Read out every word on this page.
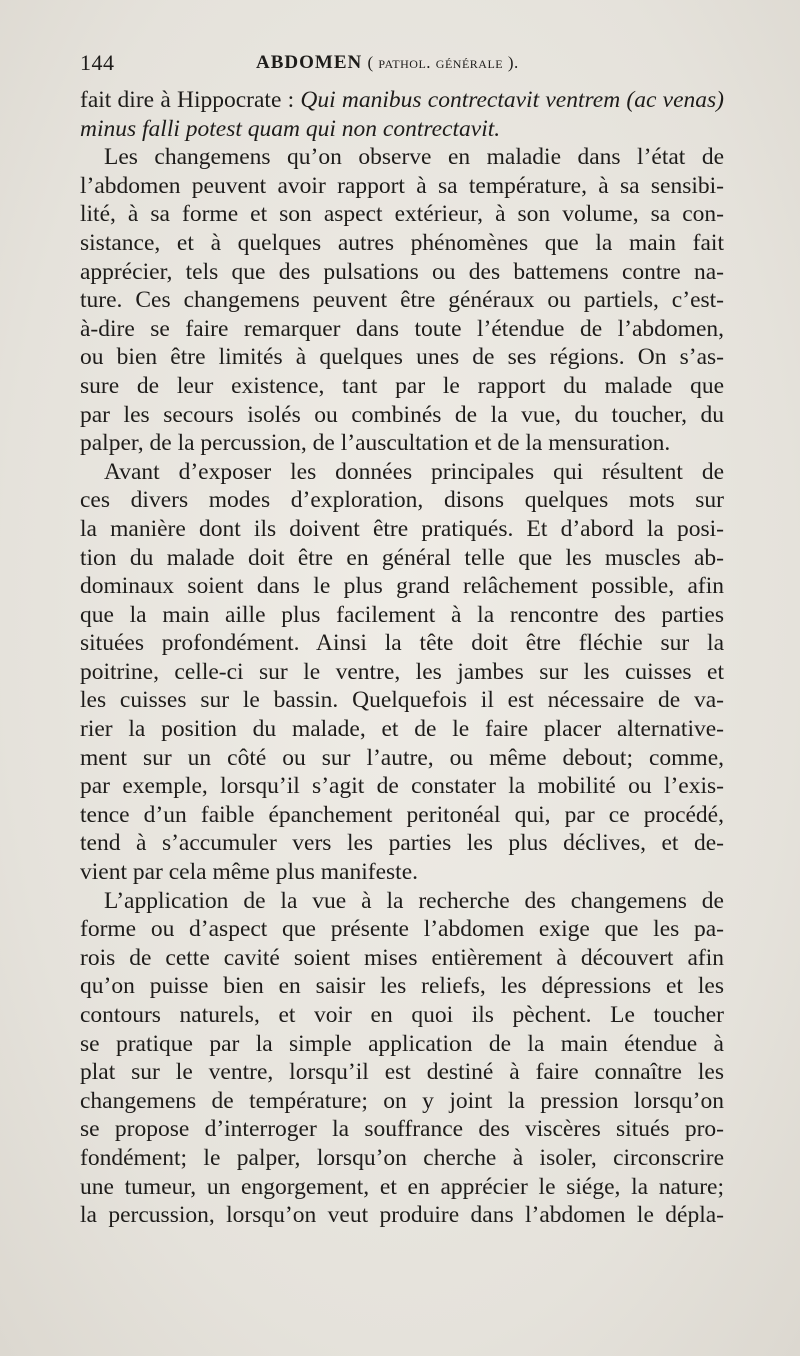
144	ABDOMEN ( pathol. générale ).
fait dire à Hippocrate : Qui manibus contrectavit ventrem (ac venas)
minus falli potest quam qui non contrectavit.
Les changemens qu’on observe en maladie dans l’état de
l’abdomen peuvent avoir rapport à sa température, à sa sensibi-
lité, à sa forme et son aspect extérieur, à son volume, sa con-
sistance, et à quelques autres phénomènes que la main fait
apprécier, tels que des pulsations ou des battemens contre na-
ture. Ces changemens peuvent être généraux ou partiels, c’est-
à-dire se faire remarquer dans toute l’étendue de l’abdomen,
ou bien être limités à quelques unes de ses régions. On s’as-
sure de leur existence, tant par le rapport du malade que
par les secours isolés ou combinés de la vue, du toucher, du
palper, de la percussion, de l’auscultation et de la mensuration.
Avant d’exposer les données principales qui résultent de
ces divers modes d’exploration, disons quelques mots sur
la manière dont ils doivent être pratiqués. Et d’abord la posi-
tion du malade doit être en général telle que les muscles ab-
dominaux soient dans le plus grand relâchement possible, afin
que la main aille plus facilement à la rencontre des parties
situées profondément. Ainsi la tête doit être fléchie sur la
poitrine, celle-ci sur le ventre, les jambes sur les cuisses et
les cuisses sur le bassin. Quelquefois il est nécessaire de va-
rier la position du malade, et de le faire placer alternative-
ment sur un côté ou sur l’autre, ou même debout; comme,
par exemple, lorsqu’il s’agit de constater la mobilité ou l’exis-
tence d’un faible épanchement peritonéal qui, par ce procédé,
tend à s’accumuler vers les parties les plus déclives, et de-
vient par cela même plus manifeste.
L’application de la vue à la recherche des changemens de
forme ou d’aspect que présente l’abdomen exige que les pa-
rois de cette cavité soient mises entièrement à découvert afin
qu’on puisse bien en saisir les reliefs, les dépressions et les
contours naturels, et voir en quoi ils pèchent. Le toucher
se pratique par la simple application de la main étendue à
plat sur le ventre, lorsqu’il est destiné à faire connaître les
changemens de température; on y joint la pression lorsqu’on
se propose d’interroger la souffrance des viscères situés pro-
fondément; le palper, lorsqu’on cherche à isoler, circonscrire
une tumeur, un engorgement, et en apprécier le siége, la nature;
la percussion, lorsqu’on veut produire dans l’abdomen le dépla-
